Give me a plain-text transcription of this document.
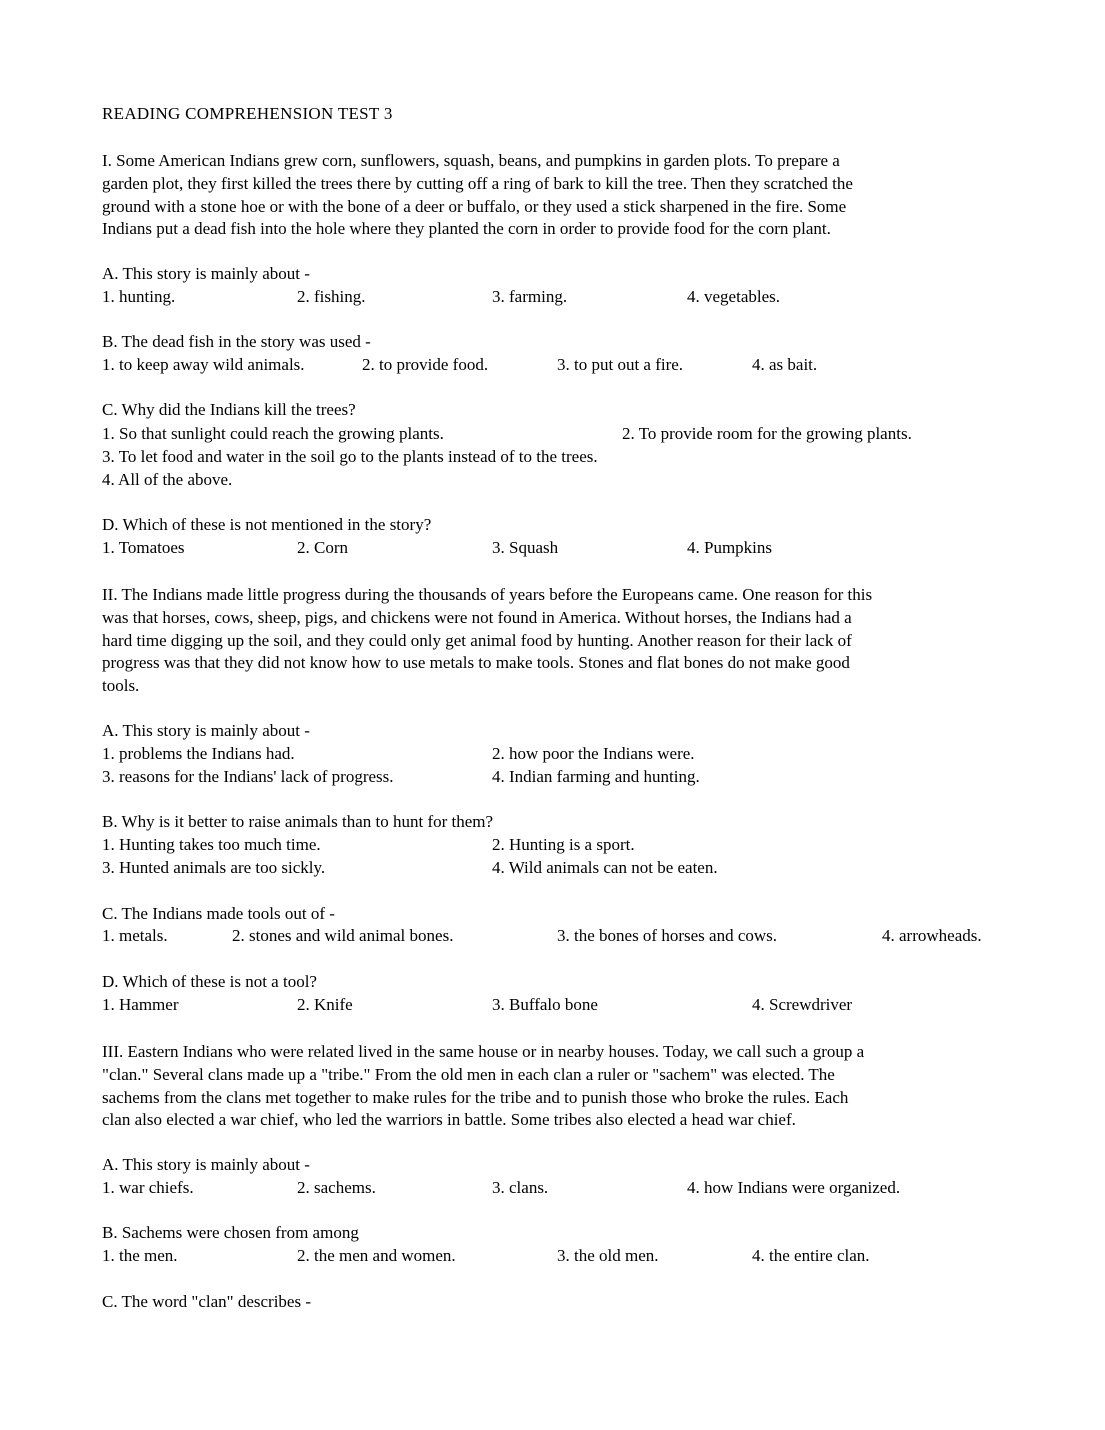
READING COMPREHENSION TEST 3
I. Some American Indians grew corn, sunflowers, squash, beans, and pumpkins in garden plots. To prepare a
garden plot, they first killed the trees there by cutting off a ring of bark to kill the tree. Then they scratched the
ground with a stone hoe or with the bone of a deer or buffalo, or they used a stick sharpened in the fire. Some
Indians put a dead fish into the hole where they planted the corn in order to provide food for the corn plant.
A. This story is mainly about -
1. hunting.	2. fishing.	3. farming.	4. vegetables.
B. The dead fish in the story was used -
1. to keep away wild animals.	2. to provide food.	3. to put out a fire.	4. as bait.
C. Why did the Indians kill the trees?
1. So that sunlight could reach the growing plants.	2. To provide room for the growing plants.
3. To let food and water in the soil go to the plants instead of to the trees.
4. All of the above.
D. Which of these is not mentioned in the story?
1. Tomatoes	2. Corn	3. Squash	4. Pumpkins
II. The Indians made little progress during the thousands of years before the Europeans came. One reason for this
was that horses, cows, sheep, pigs, and chickens were not found in America. Without horses, the Indians had a
hard time digging up the soil, and they could only get animal food by hunting. Another reason for their lack of
progress was that they did not know how to use metals to make tools. Stones and flat bones do not make good
tools.
A. This story is mainly about -
1. problems the Indians had.	2. how poor the Indians were.
3. reasons for the Indians' lack of progress.	4. Indian farming and hunting.
B. Why is it better to raise animals than to hunt for them?
1. Hunting takes too much time.	2. Hunting is a sport.
3. Hunted animals are too sickly.	4. Wild animals can not be eaten.
C. The Indians made tools out of -
1. metals.	2. stones and wild animal bones.	3. the bones of horses and cows.	4. arrowheads.
D. Which of these is not a tool?
1. Hammer	2. Knife	3. Buffalo bone	4. Screwdriver
III. Eastern Indians who were related lived in the same house or in nearby houses. Today, we call such a group a
"clan." Several clans made up a "tribe." From the old men in each clan a ruler or "sachem" was elected. The
sachems from the clans met together to make rules for the tribe and to punish those who broke the rules. Each
clan also elected a war chief, who led the warriors in battle. Some tribes also elected a head war chief.
A. This story is mainly about -
1. war chiefs.	2. sachems.	3. clans.	4. how Indians were organized.
B. Sachems were chosen from among
1. the men.	2. the men and women.	3. the old men.	4. the entire clan.
C. The word "clan" describes -
